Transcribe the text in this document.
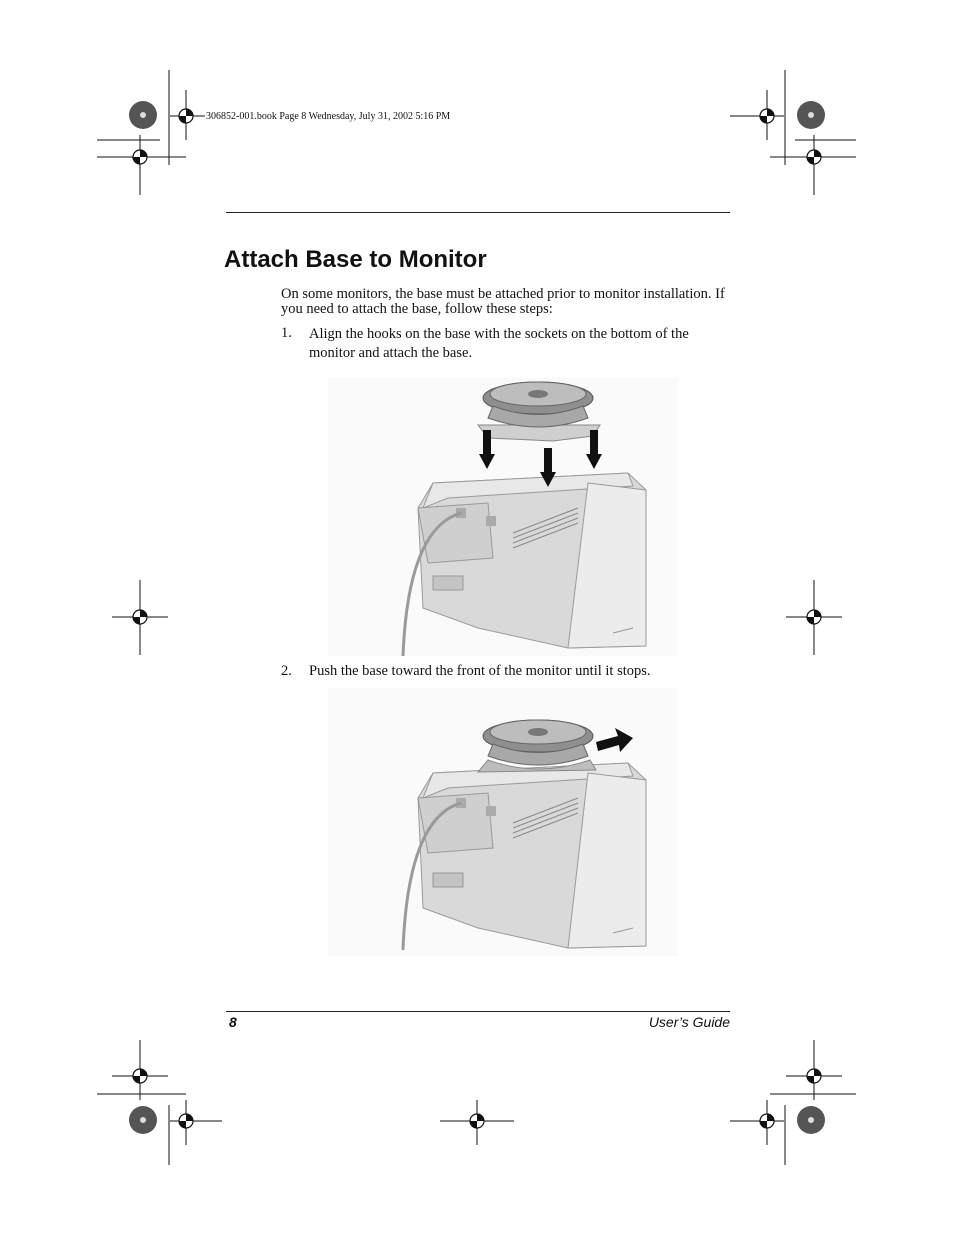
306852-001.book Page 8 Wednesday, July 31, 2002 5:16 PM
Attach Base to Monitor

On some monitors, the base must be attached prior to monitor installation. If you need to attach the base, follow these steps:

1. Align the hooks on the base with the sockets on the bottom of the monitor and attach the base.

2. Push the base toward the front of the monitor until it stops.

8	User’s Guide
